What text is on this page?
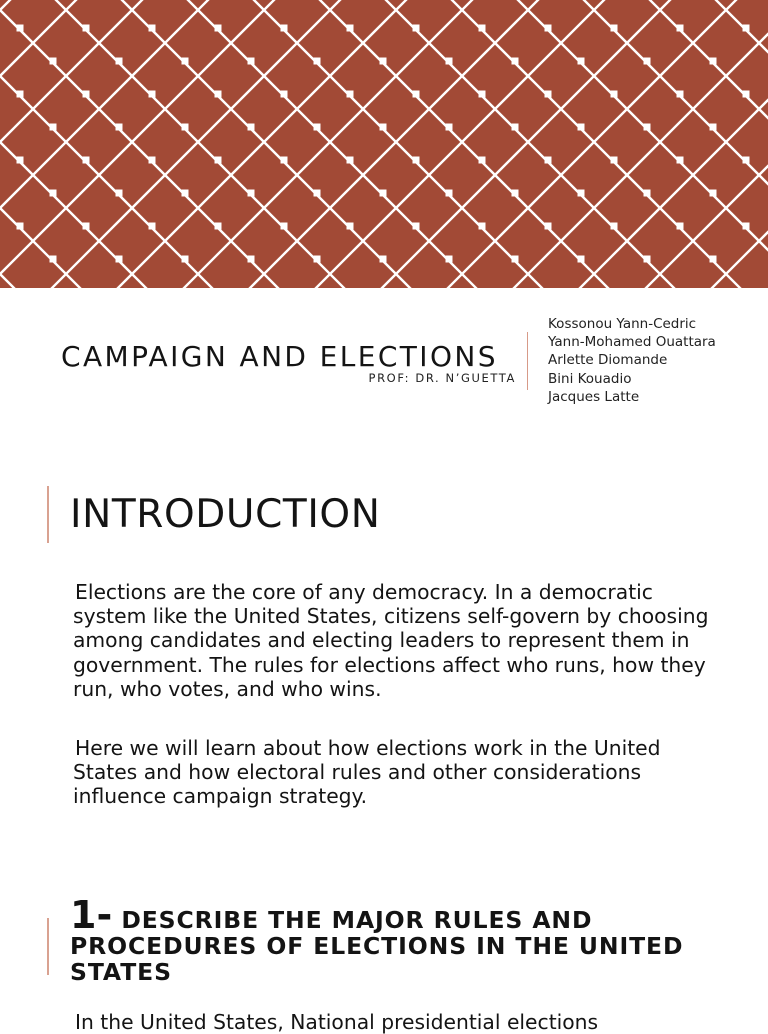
CAMPAIGN AND ELECTIONS
PROF: DR. N’GUETTA
Kossonou Yann-Cedric
Yann-Mohamed Ouattara
Arlette Diomande
Bini Kouadio
Jacques Latte
INTRODUCTION

Elections are the core of any democracy. In a democratic system like the United States, citizens self-govern by choosing among candidates and electing leaders to represent them in government. The rules for elections affect who runs, how they run, who votes, and who wins.

Here we will learn about how elections work in the United States and how electoral rules and other considerations influence campaign strategy.

1- DESCRIBE THE MAJOR RULES AND PROCEDURES OF ELECTIONS IN THE UNITED STATES

In the United States, National presidential elections
